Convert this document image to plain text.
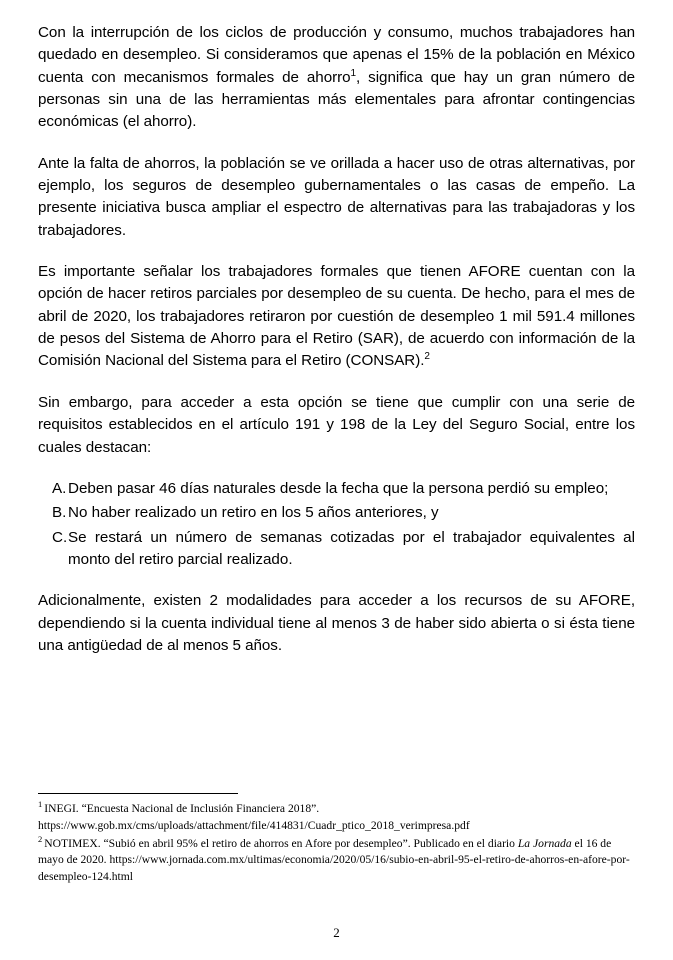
Con la interrupción de los ciclos de producción y consumo, muchos trabajadores han quedado en desempleo. Si consideramos que apenas el 15% de la población en México cuenta con mecanismos formales de ahorro$^1$, significa que hay un gran número de personas sin una de las herramientas más elementales para afrontar contingencias económicas (el ahorro).

Ante la falta de ahorros, la población se ve orillada a hacer uso de otras alternativas, por ejemplo, los seguros de desempleo gubernamentales o las casas de empeño. La presente iniciativa busca ampliar el espectro de alternativas para las trabajadoras y los trabajadores.

Es importante señalar los trabajadores formales que tienen AFORE cuentan con la opción de hacer retiros parciales por desempleo de su cuenta. De hecho, para el mes de abril de 2020, los trabajadores retiraron por cuestión de desempleo 1 mil 591.4 millones de pesos del Sistema de Ahorro para el Retiro (SAR), de acuerdo con información de la Comisión Nacional del Sistema para el Retiro (CONSAR).$^2$

Sin embargo, para acceder a esta opción se tiene que cumplir con una serie de requisitos establecidos en el artículo 191 y 198 de la Ley del Seguro Social, entre los cuales destacan:

A. Deben pasar 46 días naturales desde la fecha que la persona perdió su empleo;
B. No haber realizado un retiro en los 5 años anteriores, y
C. Se restará un número de semanas cotizadas por el trabajador equivalentes al monto del retiro parcial realizado.

Adicionalmente, existen 2 modalidades para acceder a los recursos de su AFORE, dependiendo si la cuenta individual tiene al menos 3 de haber sido abierta o si ésta tiene una antigüedad de al menos 5 años.

$^1$ INEGI. “Encuesta Nacional de Inclusión Financiera 2018”.
https://www.gob.mx/cms/uploads/attachment/file/414831/Cuadr_ptico_2018_verimpresa.pdf
$^2$ NOTIMEX. “Subió en abril 95% el retiro de ahorros en Afore por desempleo”. Publicado en el diario La Jornada el 16 de mayo de 2020. https://www.jornada.com.mx/ultimas/economia/2020/05/16/subio-en-abril-95-el-retiro-de-ahorros-en-afore-por-desempleo-124.html
2
